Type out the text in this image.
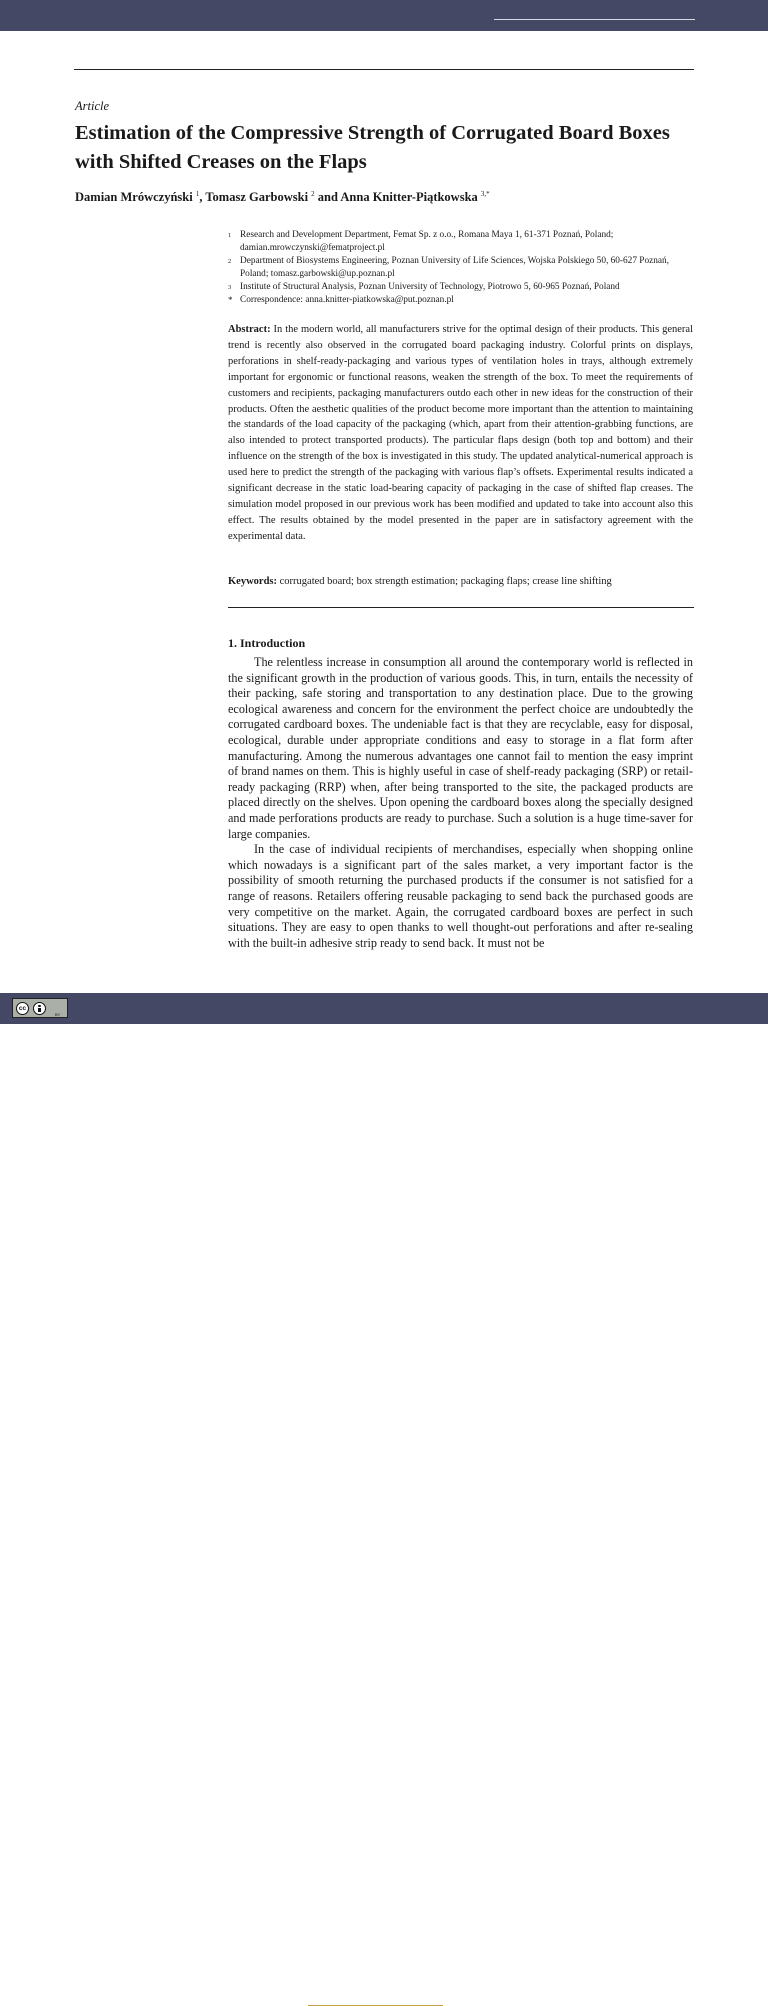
Article
Estimation of the Compressive Strength of Corrugated Board Boxes with Shifted Creases on the Flaps
Damian Mrówczyński $^1$, Tomasz Garbowski $^2$ and Anna Knitter-Piątkowska $^{3,*}$
1 Research and Development Department, Femat Sp. z o.o., Romana Maya 1, 61-371 Poznań, Poland; damian.mrowczynski@fematproject.pl
2 Department of Biosystems Engineering, Poznan University of Life Sciences, Wojska Polskiego 50, 60-627 Poznań, Poland; tomasz.garbowski@up.poznan.pl
3 Institute of Structural Analysis, Poznan University of Technology, Piotrowo 5, 60-965 Poznań, Poland
* Correspondence: anna.knitter-piatkowska@put.poznan.pl
Abstract: In the modern world, all manufacturers strive for the optimal design of their products. This general trend is recently also observed in the corrugated board packaging industry. Colorful prints on displays, perforations in shelf-ready-packaging and various types of ventilation holes in trays, although extremely important for ergonomic or functional reasons, weaken the strength of the box. To meet the requirements of customers and recipients, packaging manufacturers outdo each other in new ideas for the construction of their products. Often the aesthetic qualities of the product become more important than the attention to maintaining the standards of the load capacity of the packaging (which, apart from their attention-grabbing functions, are also intended to protect transported products). The particular flaps design (both top and bottom) and their influence on the strength of the box is investigated in this study. The updated analytical-numerical approach is used here to predict the strength of the packaging with various flap’s offsets. Experimental results indicated a significant decrease in the static load-bearing capacity of packaging in the case of shifted flap creases. The simulation model proposed in our previous work has been modified and updated to take into account also this effect. The results obtained by the model presented in the paper are in satisfactory agreement with the experimental data.
Keywords: corrugated board; box strength estimation; packaging flaps; crease line shifting
1. Introduction

The relentless increase in consumption all around the contemporary world is reflected in the significant growth in the production of various goods. This, in turn, entails the necessity of their packing, safe storing and transportation to any destination place. Due to the growing ecological awareness and concern for the environment the perfect choice are undoubtedly the corrugated cardboard boxes. The undeniable fact is that they are recyclable, easy for disposal, ecological, durable under appropriate conditions and easy to storage in a flat form after manufacturing. Among the numerous advantages one cannot fail to mention the easy imprint of brand names on them. This is highly useful in case of shelf-ready packaging (SRP) or retail-ready packaging (RRP) when, after being transported to the site, the packaged products are placed directly on the shelves. Upon opening the cardboard boxes along the specially designed and made perforations products are ready to purchase. Such a solution is a huge time-saver for large companies.

In the case of individual recipients of merchandises, especially when shopping online which nowadays is a significant part of the sales market, a very important factor is the possibility of smooth returning the purchased products if the consumer is not satisfied for a range of reasons. Retailers offering reusable packaging to send back the purchased goods are very competitive on the market. Again, the corrugated cardboard boxes are perfect in such situations. They are easy to open thanks to well thought-out perforations and after re-sealing with the built-in adhesive strip ready to send back. It must not be

cc
BY
